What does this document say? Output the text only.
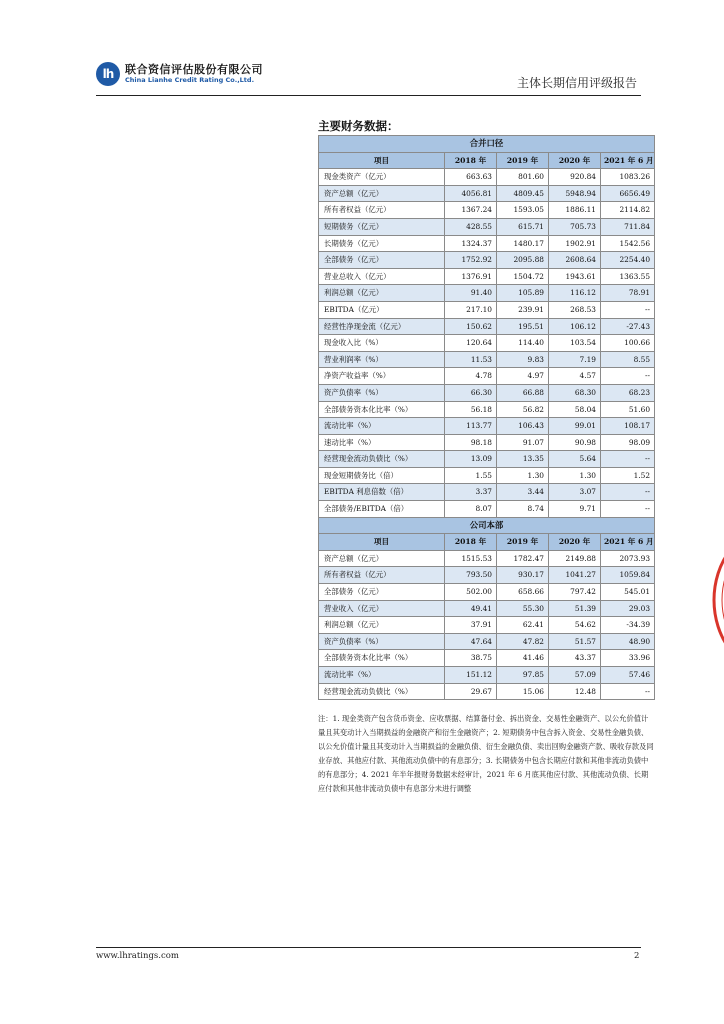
lh	联合资信评估股份有限公司
China Lianhe Credit Rating Co.,Ltd.	主体长期信用评级报告
主要财务数据：
合并口径				
项目	2018 年	2019 年	2020 年	2021 年 6 月
现金类资产（亿元）	663.63	801.60	920.84	1083.26
资产总额（亿元）	4056.81	4809.45	5948.94	6656.49
所有者权益（亿元）	1367.24	1593.05	1886.11	2114.82
短期债务（亿元）	428.55	615.71	705.73	711.84
长期债务（亿元）	1324.37	1480.17	1902.91	1542.56
全部债务（亿元）	1752.92	2095.88	2608.64	2254.40
营业总收入（亿元）	1376.91	1504.72	1943.61	1363.55
利润总额（亿元）	91.40	105.89	116.12	78.91
EBITDA（亿元）	217.10	239.91	268.53	--
经营性净现金流（亿元）	150.62	195.51	106.12	-27.43
现金收入比（%）	120.64	114.40	103.54	100.66
营业利润率（%）	11.53	9.83	7.19	8.55
净资产收益率（%）	4.78	4.97	4.57	--
资产负债率（%）	66.30	66.88	68.30	68.23
全部债务资本化比率（%）	56.18	56.82	58.04	51.60
流动比率（%）	113.77	106.43	99.01	108.17
速动比率（%）	98.18	91.07	90.98	98.09
经营现金流动负债比（%）	13.09	13.35	5.64	--
现金短期债务比（倍）	1.55	1.30	1.30	1.52
EBITDA 利息倍数（倍）	3.37	3.44	3.07	--
全部债务/EBITDA（倍）	8.07	8.74	9.71	--
公司本部				
项目	2018 年	2019 年	2020 年	2021 年 6 月
资产总额（亿元）	1515.53	1782.47	2149.88	2073.93
所有者权益（亿元）	793.50	930.17	1041.27	1059.84
全部债务（亿元）	502.00	658.66	797.42	545.01
营业收入（亿元）	49.41	55.30	51.39	29.03
利润总额（亿元）	37.91	62.41	54.62	-34.39
资产负债率（%）	47.64	47.82	51.57	48.90
全部债务资本化比率（%）	38.75	41.46	43.37	33.96
流动比率（%）	151.12	97.85	57.09	57.46
经营现金流动负债比（%）	29.67	15.06	12.48	--
注：1. 现金类资产包含货币资金、应收票据、结算备付金、拆出资金、交易性金融资产、以公允价值计量且其变动计入当期损益的金融资产和衍生金融资产；2. 短期债务中包含拆入资金、交易性金融负债、以公允价值计量且其变动计入当期损益的金融负债、衍生金融负债、卖出回购金融资产款、吸收存款及同业存放、其他应付款、其他流动负债中的有息部分；3. 长期债务中包含长期应付款和其他非流动负债中的有息部分；4. 2021 年半年报财务数据未经审计，2021 年 6 月底其他应付款、其他流动负债、长期应付款和其他非流动负债中有息部分未进行调整
www.lhratings.com	2
